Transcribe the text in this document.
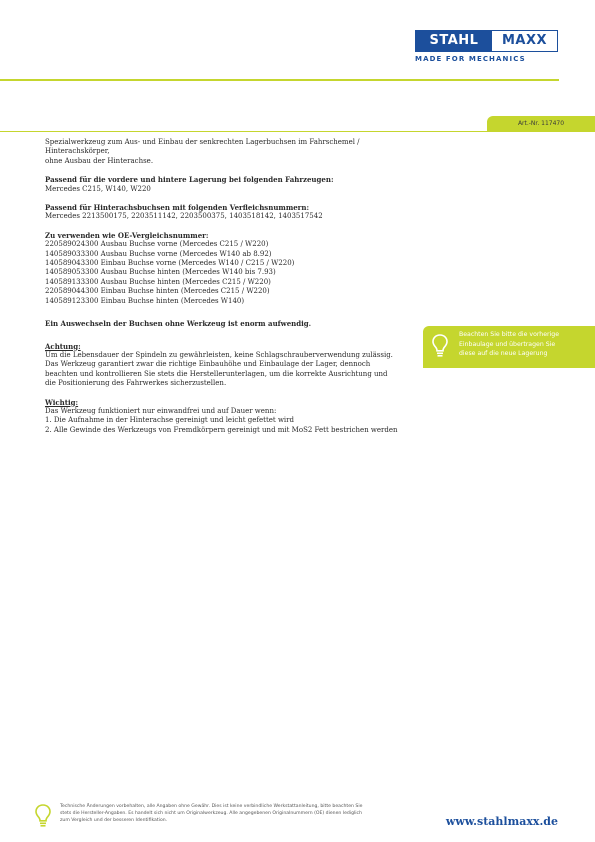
STAHL	MAXX
MADE FOR MECHANICS
Art.-Nr. 117470

Spezialwerkzeug zum Aus- und Einbau der senkrechten Lagerbuchsen im Fahrschemel / Hinterachskörper,

ohne Ausbau der Hinterachse.

Passend für die vordere und hintere Lagerung bei folgenden Fahrzeugen:

Mercedes C215, W140, W220

Passend für Hinterachsbuchsen mit folgenden Verfleichsnummern:

Mercedes 2213500175, 2203511142, 2203500375, 1403518142, 1403517542

Zu verwenden wie OE-Vergleichsnummer:

220589024300 Ausbau Buchse vorne (Mercedes C215 / W220)

140589033300 Ausbau Buchse vorne (Mercedes W140 ab 8.92)

140589043300 Einbau Buchse vorne (Mercedes W140 / C215 / W220)

140589053300 Ausbau Buchse hinten (Mercedes W140 bis 7.93)

140589133300 Ausbau Buchse hinten (Mercedes C215 / W220)

220589044300 Einbau Buchse hinten (Mercedes C215 / W220)

140589123300 Einbau Buchse hinten (Mercedes W140)

Ein Auswechseln der Buchsen ohne Werkzeug ist enorm aufwendig.

Achtung:

Um die Lebensdauer der Spindeln zu gewährleisten, keine Schlagschrauberverwendung zulässig.

Das Werkzeug garantiert zwar die richtige Einbauhöhe und Einbaulage der Lager, dennoch

beachten und kontrollieren Sie stets die Herstellerunterlagen, um die korrekte Ausrichtung und

die Positionierung des Fahrwerkes sicherzustellen.

Wichtig:

Das Werkzeug funktioniert nur einwandfrei und auf Dauer wenn:

1. Die Aufnahme in der Hinterachse gereinigt und leicht gefettet wird

2. Alle Gewinde des Werkzeugs von Fremdkörpern gereinigt und mit MoS2 Fett bestrichen werden

Beachten Sie bitte die vorherige
Einbaulage und übertragen Sie
diese auf die neue Lagerung
Technische Änderungen vorbehalten, alle Angaben ohne Gewähr. Dies ist keine verbindliche Werkstattanleitung, bitte beachten Sie
stets die Hersteller-Angaben. Es handelt sich nicht um Originalwerkzeug. Alle angegebenen Originalnummern (OE) dienen lediglich
zum Vergleich und der besseren Identifikation.	www.stahlmaxx.de
